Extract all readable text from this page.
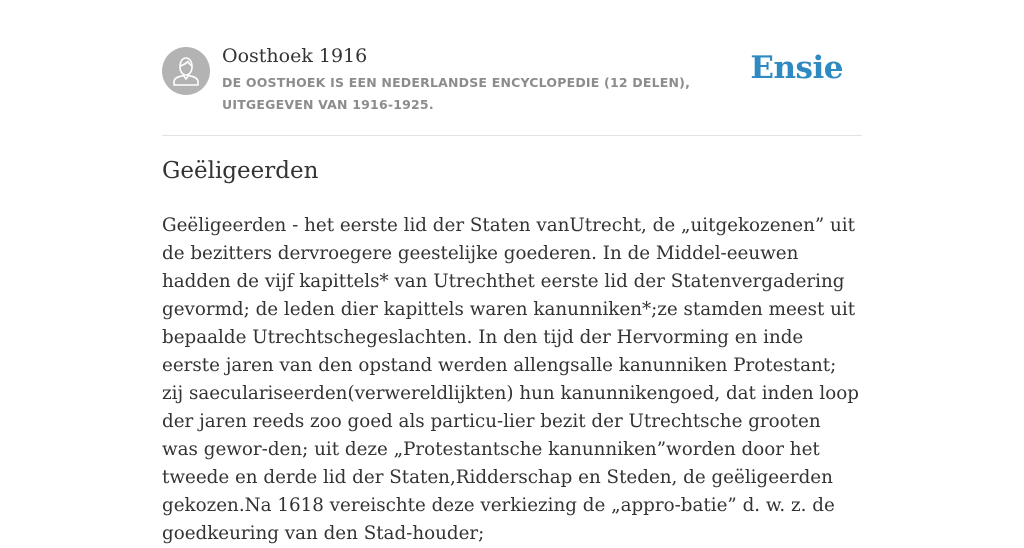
Oosthoek 1916
DE OOSTHOEK IS EEN NEDERLANDSE ENCYCLOPEDIE (12 DELEN), UITGEGEVEN VAN 1916-1925.
Ensie
Geëligeerden

Geëligeerden - het eerste lid der Staten vanUtrecht, de „uitgekozenen” uit de bezitters dervroegere geestelijke goederen. In de Middel-eeuwen hadden de vijf kapittels* van Utrechthet eerste lid der Statenvergadering gevormd; de leden dier kapittels waren kanunniken*;ze stamden meest uit bepaalde Utrechtschegeslachten. In den tijd der Hervorming en inde eerste jaren van den opstand werden allengsalle kanunniken Protestant; zij saeculariseerden(verwereldlijkten) hun kanunnikengoed, dat inden loop der jaren reeds zoo goed als particu-lier bezit der Utrechtsche grooten was gewor-den; uit deze „Protestantsche kanunniken”worden door het tweede en derde lid der Staten,Ridderschap en Steden, de geëligeerden gekozen.Na 1618 vereischte deze verkiezing de „appro-batie” d. w. z. de goedkeuring van den Stad-houder;
